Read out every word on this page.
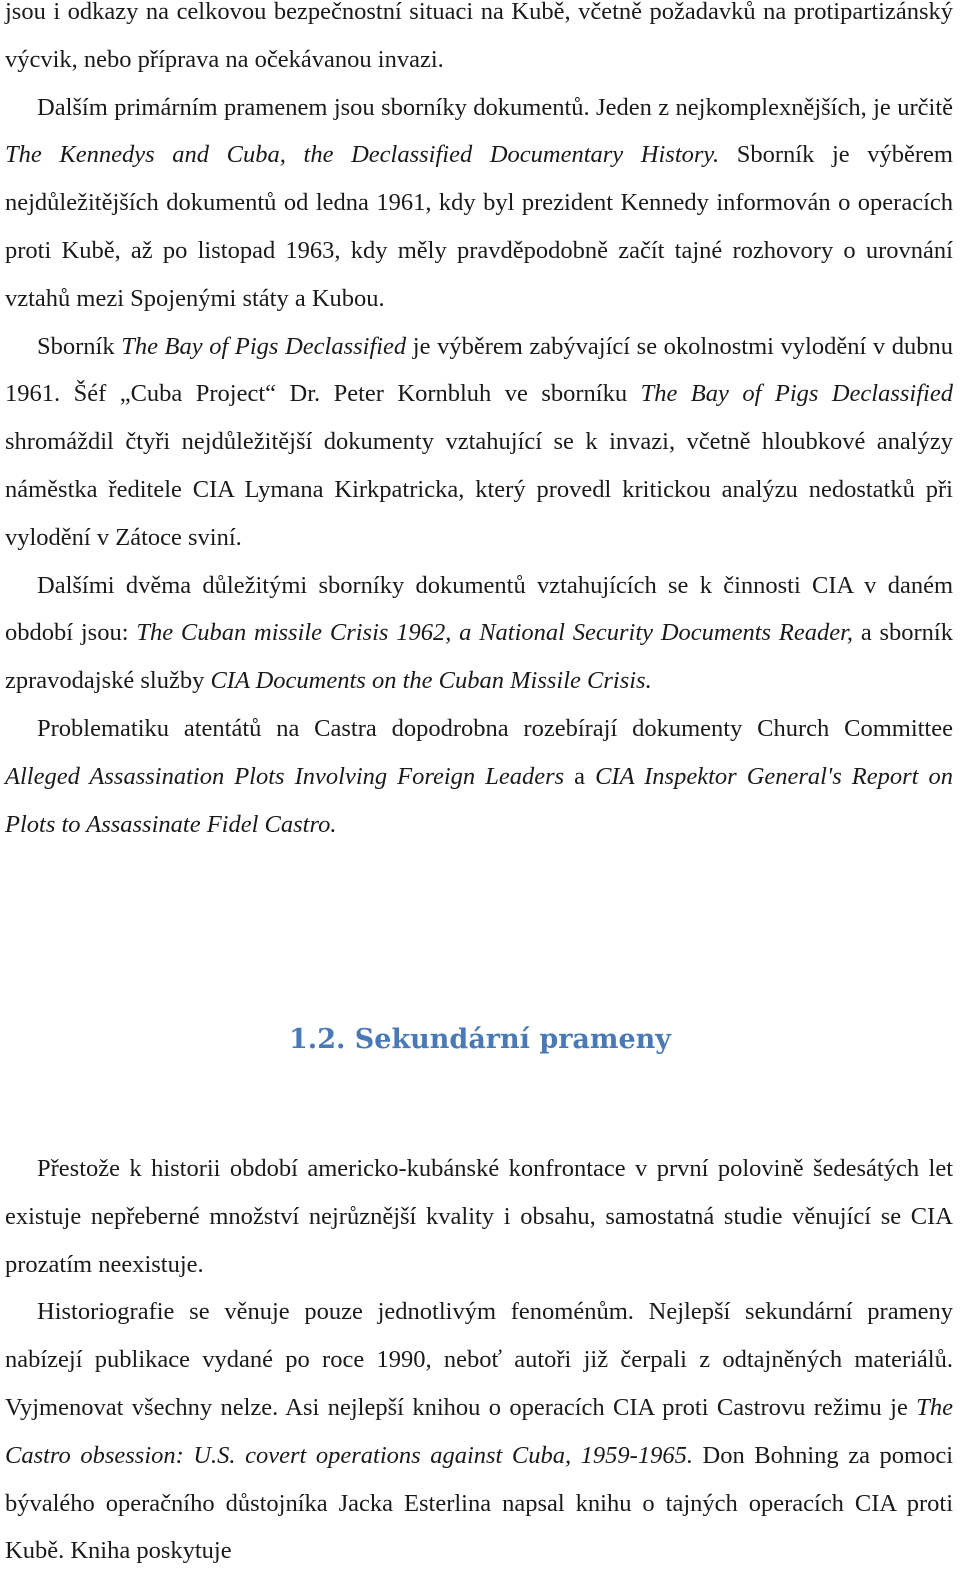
jsou i odkazy na celkovou bezpečnostní situaci na Kubě, včetně požadavků na protipartizánský výcvik, nebo příprava na očekávanou invazi.

Dalším primárním pramenem jsou sborníky dokumentů. Jeden z nejkomplexnějších, je určitě The Kennedys and Cuba, the Declassified Documentary History. Sborník je výběrem nejdůležitějších dokumentů od ledna 1961, kdy byl prezident Kennedy informován o operacích proti Kubě, až po listopad 1963, kdy měly pravděpodobně začít tajné rozhovory o urovnání vztahů mezi Spojenými státy a Kubou.

Sborník The Bay of Pigs Declassified je výběrem zabývající se okolnostmi vylodění v dubnu 1961. Šéf „Cuba Project“ Dr. Peter Kornbluh ve sborníku The Bay of Pigs Declassified shromáždil čtyři nejdůležitější dokumenty vztahující se k invazi, včetně hloubkové analýzy náměstka ředitele CIA Lymana Kirkpatricka, který provedl kritickou analýzu nedostatků při vylodění v Zátoce sviní.

Dalšími dvěma důležitými sborníky dokumentů vztahujících se k činnosti CIA v daném období jsou: The Cuban missile Crisis 1962, a National Security Documents Reader, a sborník zpravodajské služby CIA Documents on the Cuban Missile Crisis.

Problematiku atentátů na Castra dopodrobna rozebírají dokumenty Church Committee Alleged Assassination Plots Involving Foreign Leaders a CIA Inspektor General's Report on Plots to Assassinate Fidel Castro.

1.2. Sekundární prameny

Přestože k historii období americko-kubánské konfrontace v první polovině šedesátých let existuje nepřeberné množství nejrůznější kvality i obsahu, samostatná studie věnující se CIA prozatím neexistuje.

Historiografie se věnuje pouze jednotlivým fenoménům. Nejlepší sekundární prameny nabízejí publikace vydané po roce 1990, neboť autoři již čerpali z odtajněných materiálů. Vyjmenovat všechny nelze. Asi nejlepší knihou o operacích CIA proti Castrovu režimu je The Castro obsession: U.S. covert operations against Cuba, 1959-1965. Don Bohning za pomoci bývalého operačního důstojníka Jacka Esterlina napsal knihu o tajných operacích CIA proti Kubě. Kniha poskytuje
